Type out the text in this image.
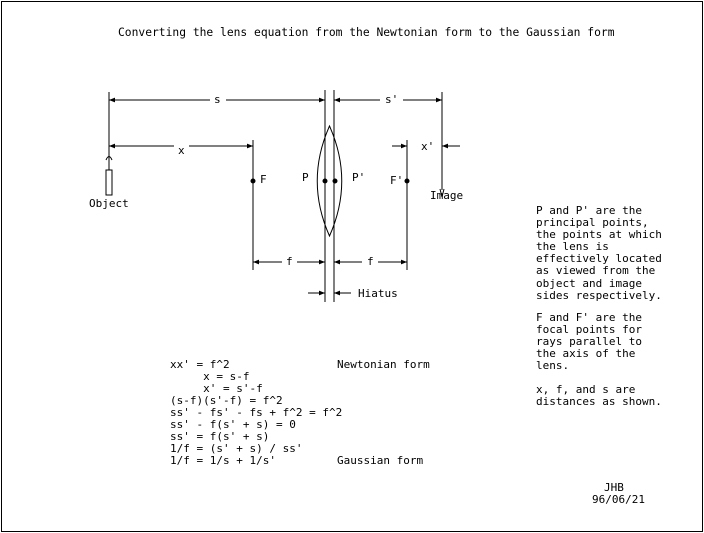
Converting the lens equation from the Newtonian form to the Gaussian form
s	s'
x	x'
F	F'
P	P'
f	f
Hiatus
Object
Image
P and P' are the
principal points,
the points at which
the lens is
effectively located
as viewed from the
object and image
sides respectively.
F and F' are the
focal points for
rays parallel to
the axis of the
lens.
x, f, and s are
distances as shown.
xx' = f^2	Newtonian form
x = s-f
x' = s'-f
(s-f)(s'-f) = f^2
ss' - fs' - fs + f^2 = f^2
ss' - f(s' + s) = 0
ss' = f(s' + s)
1/f = (s' + s) / ss'
1/f = 1/s + 1/s'	Gaussian form
JHB
96/06/21
